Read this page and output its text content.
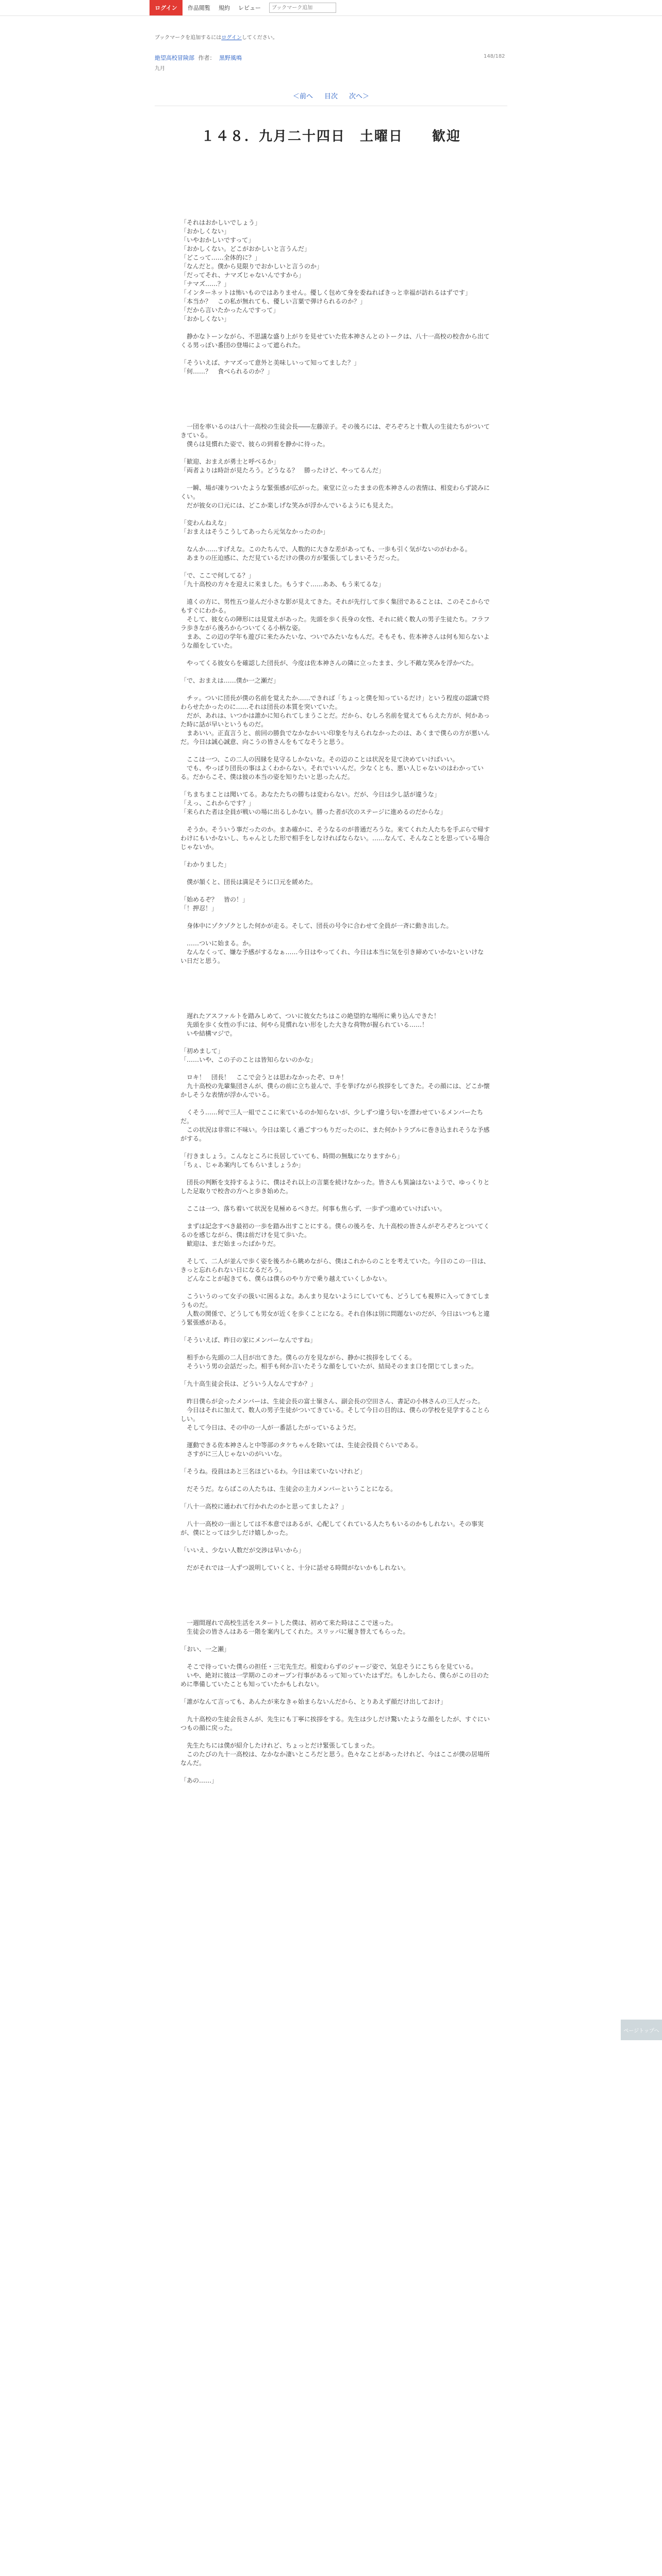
ログイン	作品閲覧 規約 レビュー
ブックマーク追加
ブックマークを追加するにはログインしてください。
絶望高校冒険部 作者： 黒野風鳴
九月
148/182
＜前へ 目次 次へ＞
１４８．九月二十四日　土曜日　　歓迎
「それはおかしいでしょう」
「おかしくない」
「いやおかしいですって」
「おかしくない。どこがおかしいと言うんだ」
「どこって……全体的に？」
「なんだと。僕から見限りでおかしいと言うのか」
「だってそれ、ナマズじゃないんですから」
「ナマズ……？」
「インターネットは怖いものではありません。優しく包めて身を委ねればきっと幸福が訪れるはずです」
「本当か？　この私が無れても、優しい言葉で弾けられるのか？」
「だから言いたかったんですって」
「おかしくない」
　静かなトーンながら、不思議な盛り上がりを見せていた佐本神さんとのトークは、八十一高校の校舎から出てくる男っぽい番団の登場によって遮られた。
「そういえば、ナマズって意外と美味しいって知ってました？」
「何……？　食べられるのか？」
　一団を率いるのは八十一高校の生徒会長――左藤涼子。その後ろには、ぞろぞろと十数人の生徒たちがついてきている。
　僕らは見慣れた姿で、彼らの到着を静かに待った。
「歓迎、おまえが勇士と呼べるか」
「両者よりは時計が見たろう。どうなる？　勝ったけど、やってるんだ」
　一瞬、場が凍りついたような緊張感が広がった。東堂に立ったままの佐本神さんの表情は、相変わらず読みにくい。
　だが彼女の口元には、どこか楽しげな笑みが浮かんでいるようにも見えた。
「変わんねえな」
「おまえはそうこうしてあったら元気なかったのか」
　なんか……すげえな。このたちんで、人数的に大きな差があっても、一歩も引く気がないのがわかる。
　あまりの圧迫感に、ただ見ているだけの僕の方が緊張してしまいそうだった。
「で、ここで何してる？」
「九十高校の方々を迎えに来ました。もうすぐ……ああ、もう来てるな」
　遠くの方に、男性五つ並んだ小さな影が見えてきた。それが先行して歩く集団であることは、このそこからでもすぐにわかる。
　そして、彼女らの陣形には見覚えがあった。先頭を歩く長身の女性、それに続く数人の男子生徒たち。フラフラ歩きながら後ろからついてくる小柄な姿。
　まあ、この辺の学年も遊びに来たみたいな、ついでみたいなもんだ。そもそも、佐本神さんは何も知らないような顔をしていた。
　やってくる彼女らを確認した団長が、今度は佐本神さんの隣に立ったまま、少し不敵な笑みを浮かべた。
「で、おまえは……僕か一之瀬だ」
　チッ。ついに団長が僕の名前を覚えたか……できれば「ちょっと僕を知っているだけ」という程度の認識で終わらせたかったのに……それは団長の本質を突いていた。
　だが、あれは、いつかは誰かに知られてしまうことだ。だから、むしろ名前を覚えてもらえた方が、何かあった時に話が早いというものだ。
　まあいい。正直言うと、前回の勝負でなかなかいい印象を与えられなかったのは、あくまで僕らの方が悪いんだ。今日は誠心誠意、向こうの皆さんをもてなそうと思う。
　ここは一つ、この二人の因縁を見守るしかないな。その辺のことは状況を見て決めていけばいい。
　でも、やっぱり団長の事はよくわからない。それでいいんだ。少なくとも、悪い人じゃないのはわかっている。だからこそ、僕は彼の本当の姿を知りたいと思ったんだ。
「ちまちまことは聞いてる。あなたたちの勝ちは変わらない。だが、今日は少し話が違うな」
「えっ、これからです？」
「来られた者は全員が戦いの場に出るしかない。勝った者が次のステージに進めるのだからな」
　そうか。そういう事だったのか。まあ確かに、そうなるのが普通だろうな。来てくれた人たちを手ぶらで帰すわけにもいかないし、ちゃんとした形で相手をしなければならない。……なんて、そんなことを思っている場合じゃないか。
「わかりました」
　僕が頷くと、団長は満足そうに口元を緩めた。
「始めるぞ？　皆の！」
「！押忍！」
　身体中にゾクゾクとした何かが走る。そして、団長の号令に合わせて全員が一斉に動き出した。
　……ついに始まる。か。
　なんなくって、嫌な予感がするなぁ……今日はやってくれ、今日は本当に気を引き締めていかないといけない日だと思う。
　遅れたアスファルトを踏みしめて、ついに彼女たちはこの絶望的な場所に乗り込んできた！
　先頭を歩く女性の手には、何やら見慣れない形をした大きな荷物が握られている……！
　いや結構マジで。
「初めまして」
「……いや、この子のことは皆知らないのかな」
　ロキ！　団長！　ここで会うとは思わなかったぞ、ロキ！
　九十高校の先輩集団さんが、僕らの前に立ち並んで、手を挙げながら挨拶をしてきた。その顔には、どこか懐かしそうな表情が浮かんでいる。
　くそう……何で三人一組でここに来ているのか知らないが、少しずつ違う匂いを漂わせているメンバーたちだ。
　この状況は非常に不味い。今日は楽しく過ごすつもりだったのに、また何かトラブルに巻き込まれそうな予感がする。
「行きましょう。こんなところに長居していても、時間の無駄になりますから」
「ちぇ、じゃあ案内してもらいましょうか」
　団長の判断を支持するように、僕はそれ以上の言葉を続けなかった。皆さんも異論はないようで、ゆっくりとした足取りで校舎の方へと歩き始めた。
　ここは一つ、落ち着いて状況を見極めるべきだ。何事も焦らず、一歩ずつ進めていけばいい。
　まずは記念すべき最初の一歩を踏み出すことにする。僕らの後ろを、九十高校の皆さんがぞろぞろとついてくるのを感じながら、僕は前だけを見て歩いた。
　歓迎は、まだ始まったばかりだ。
　そして、二人が並んで歩く姿を後ろから眺めながら、僕はこれからのことを考えていた。今日のこの一日は、きっと忘れられない日になるだろう。
　どんなことが起きても、僕らは僕らのやり方で乗り越えていくしかない。
　こういうのって女子の扱いに困るよな。あんまり見ないようにしていても、どうしても視界に入ってきてしまうものだ。
　人数の関係で、どうしても男女が近くを歩くことになる。それ自体は別に問題ないのだが、今日はいつもと違う緊張感がある。
「そういえば、昨日の家にメンバーなんですね」
　相手から先頭の二人目が出てきた。僕らの方を見ながら、静かに挨拶をしてくる。
　そういう男の会話だった。相手も何か言いたそうな顔をしていたが、結局そのまま口を閉じてしまった。
「九十高生徒会長は、どういう人なんですか？」
　昨日僕らが会ったメンバーは、生徒会長の富士嶺さん、副会長の空田さん、書記の小林さんの三人だった。
　今日はそれに加えて、数人の男子生徒がついてきている。そして今日の目的は、僕らの学校を見学することらしい。
　そして今日は、その中の一人が一番話したがっているようだ。
　運動できる佐本神さんと中等部のタケちゃんを除いては、生徒会役員ぐらいである。
　さすがに三人じゃないのがいいな。
「そうね。役員はあと三名ほどいるわ。今日は来ていないけれど」
　だそうだ。ならばこの人たちは、生徒会の主力メンバーということになる。
「八十一高校に通われて行かれたのかと思ってましたよ？」
　八十一高校の一面としては不本意ではあるが、心配してくれている人たちもいるのかもしれない。その事実が、僕にとっては少しだけ嬉しかった。
「いいえ、少ない人数だが交渉は早いから」
　だがそれでは一人ずつ説明していくと、十分に話せる時間がないかもしれない。
　一週間遅れで高校生活をスタートした僕は、初めて来た時はここで迷った。
　生徒会の皆さんはある一階を案内してくれた。スリッパに履き替えてもらった。
「おい、一之瀬」
　そこで待っていた僕らの担任・三宅先生だ。相変わらずのジャージ姿で、気怠そうにこちらを見ている。
　いや、絶対に彼は一学期のこのオープン行事があるって知っていたはずだ。もしかしたら、僕らがこの日のために準備していたことも知っていたかもしれない。
「誰がなんて言っても、あんたが来なきゃ始まらないんだから、とりあえず顔だけ出しておけ」
　九十高校の生徒会長さんが、先生にも丁寧に挨拶をする。先生は少しだけ驚いたような顔をしたが、すぐにいつもの顔に戻った。
　先生たちには僕が紹介したけれど、ちょっとだけ緊張してしまった。
　このたびの九十一高校は、なかなか凄いところだと思う。色々なことがあったけれど、今はここが僕の居場所なんだ。
「あの……」
ページトップへ
